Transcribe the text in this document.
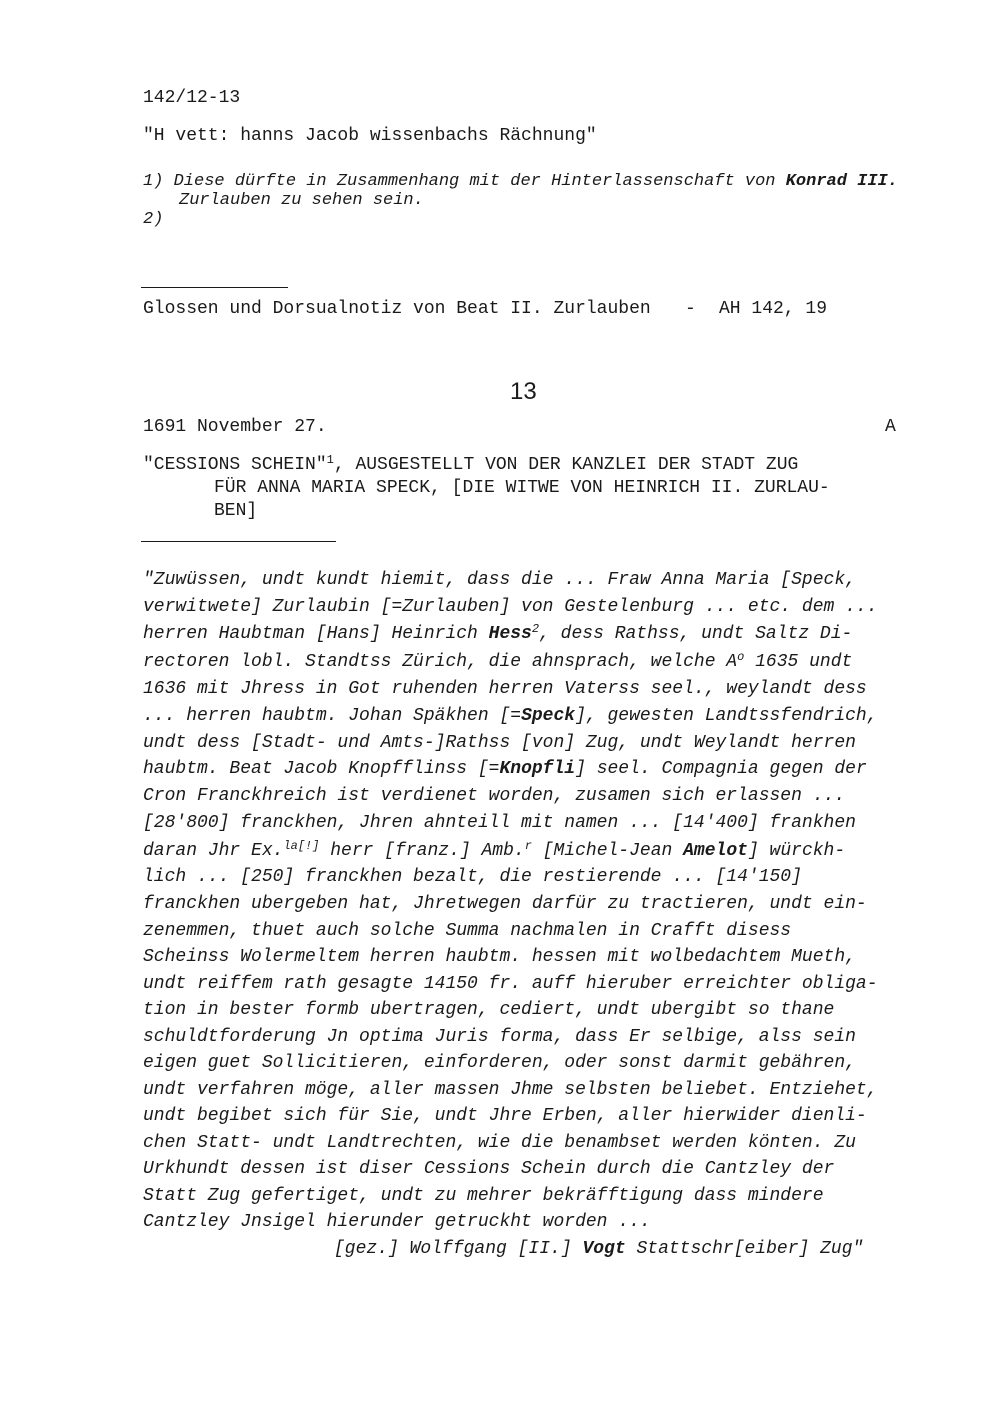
142/12-13
"H vett: hanns Jacob wissenbachs Rächnung"
1) Diese dürfte in Zusammenhang mit der Hinterlassenschaft von Konrad III.
Zurlauben zu sehen sein.
2)
Glossen und Dorsualnotiz von Beat II. Zurlauben - AH 142, 19
13
1691 November 27.	A
"CESSIONS SCHEIN"$^1$, AUSGESTELLT VON DER KANZLEI DER STADT ZUG
FÜR ANNA MARIA SPECK, [DIE WITWE VON HEINRICH II. ZURLAU-
BEN]
"Zuwüssen, undt kundt hiemit, dass die ... Fraw Anna Maria [Speck,
verwitwete] Zurlaubin [=Zurlauben] von Gestelenburg ... etc. dem ...
herren Haubtman [Hans] Heinrich Hess$^2$, dess Rathss, undt Saltz Di-
rectoren lobl. Standtss Zürich, die ahnsprach, welche $A^o$ 1635 undt
1636 mit Jhress in Got ruhenden herren Vaterss seel., weylandt dess
... herren haubtm. Johan Späkhen [=Speck], gewesten Landtssfendrich,
undt dess [Stadt- und Amts-]Rathss [von] Zug, undt Weylandt herren
haubtm. Beat Jacob Knopfflinss [=Knopfli] seel. Compagnia gegen der
Cron Franckhreich ist verdienet worden, zusamen sich erlassen ...
[28'800] franckhen, Jhren ahnteill mit namen ... [14'400] frankhen
daran Jhr Ex.$^{la[!]}$ herr [franz.] Amb.$^r$ [Michel-Jean Amelot] würckh-
lich ... [250] franckhen bezalt, die restierende ... [14'150]
franckhen ubergeben hat, Jhretwegen darfür zu tractieren, undt ein-
zenemmen, thuet auch solche Summa nachmalen in Crafft disess
Scheinss Wolermeltem herren haubtm. hessen mit wolbedachtem Mueth,
undt reiffem rath gesagte 14150 fr. auff hieruber erreichter obliga-
tion in bester formb ubertragen, cediert, undt ubergibt so thane
schuldtforderung Jn optima Juris forma, dass Er selbige, alss sein
eigen guet Sollicitieren, einforderen, oder sonst darmit gebähren,
undt verfahren möge, aller massen Jhme selbsten beliebet. Entziehet,
undt begibet sich für Sie, undt Jhre Erben, aller hierwider dienli-
chen Statt- undt Landtrechten, wie die benambset werden könten. Zu
Urkhundt dessen ist diser Cessions Schein durch die Cantzley der
Statt Zug gefertiget, undt zu mehrer bekräfftigung dass mindere
Cantzley Jnsigel hierunder getruckht worden ...
[gez.] Wolffgang [II.] Vogt Stattschr[eiber] Zug"
